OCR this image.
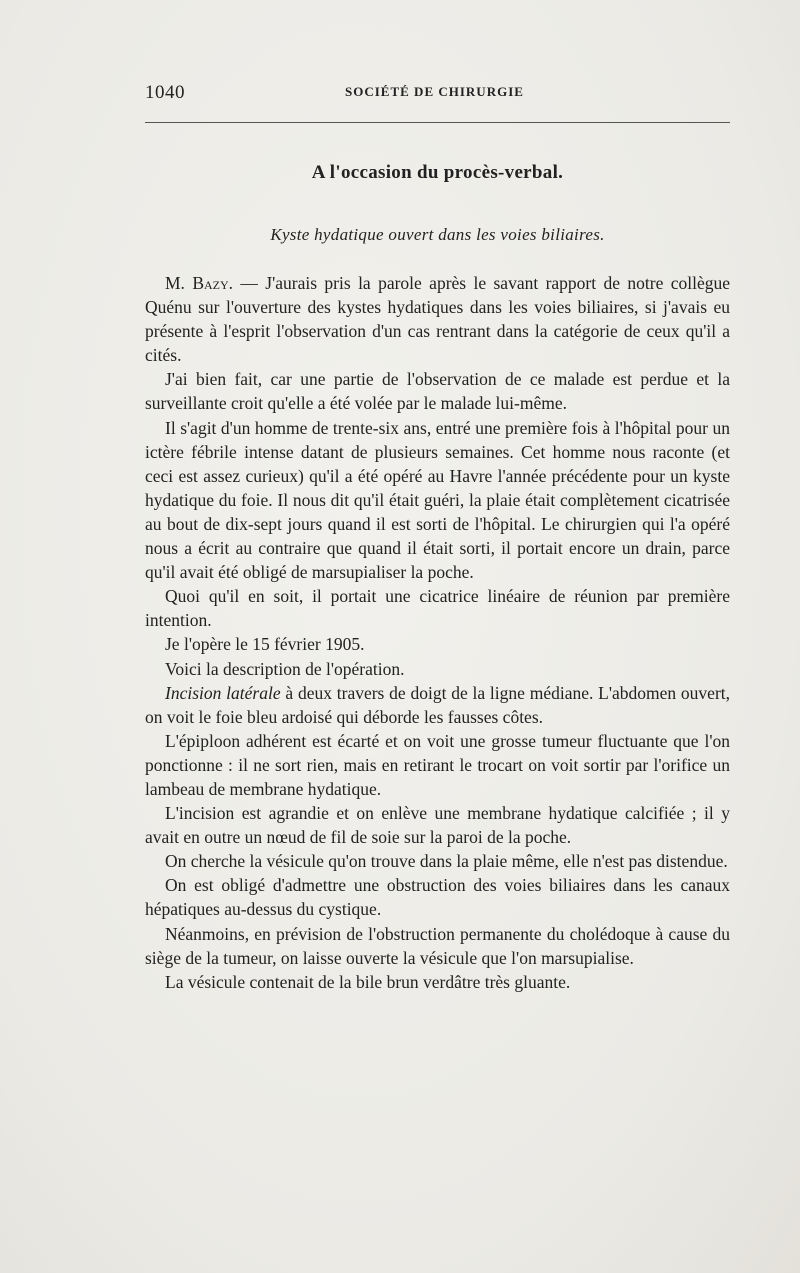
1040	SOCIÉTÉ DE CHIRURGIE
A l'occasion du procès-verbal.
Kyste hydatique ouvert dans les voies biliaires.

M. Bazy. — J'aurais pris la parole après le savant rapport de notre collègue Quénu sur l'ouverture des kystes hydatiques dans les voies biliaires, si j'avais eu présente à l'esprit l'observation d'un cas rentrant dans la catégorie de ceux qu'il a cités.

J'ai bien fait, car une partie de l'observation de ce malade est perdue et la surveillante croit qu'elle a été volée par le malade lui-même.

Il s'agit d'un homme de trente-six ans, entré une première fois à l'hôpital pour un ictère fébrile intense datant de plusieurs semaines. Cet homme nous raconte (et ceci est assez curieux) qu'il a été opéré au Havre l'année précédente pour un kyste hydatique du foie. Il nous dit qu'il était guéri, la plaie était complètement cicatrisée au bout de dix-sept jours quand il est sorti de l'hôpital. Le chirurgien qui l'a opéré nous a écrit au contraire que quand il était sorti, il portait encore un drain, parce qu'il avait été obligé de marsupialiser la poche.

Quoi qu'il en soit, il portait une cicatrice linéaire de réunion par première intention.

Je l'opère le 15 février 1905.

Voici la description de l'opération.

Incision latérale à deux travers de doigt de la ligne médiane. L'abdomen ouvert, on voit le foie bleu ardoisé qui déborde les fausses côtes.

L'épiploon adhérent est écarté et on voit une grosse tumeur fluctuante que l'on ponctionne : il ne sort rien, mais en retirant le trocart on voit sortir par l'orifice un lambeau de membrane hydatique.

L'incision est agrandie et on enlève une membrane hydatique calcifiée ; il y avait en outre un nœud de fil de soie sur la paroi de la poche.

On cherche la vésicule qu'on trouve dans la plaie même, elle n'est pas distendue.

On est obligé d'admettre une obstruction des voies biliaires dans les canaux hépatiques au-dessus du cystique.

Néanmoins, en prévision de l'obstruction permanente du cholédoque à cause du siège de la tumeur, on laisse ouverte la vésicule que l'on marsupialise.

La vésicule contenait de la bile brun verdâtre très gluante.
